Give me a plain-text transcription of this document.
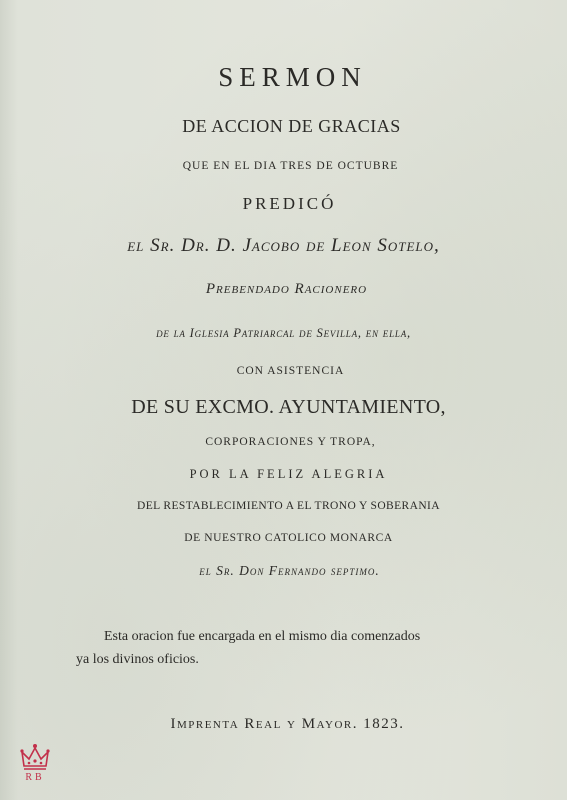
SERMON
DE ACCION DE GRACIAS
QUE EN EL DIA TRES DE OCTUBRE
PREDICÓ
el Sr. Dr. D. Jacobo de Leon Sotelo,
Prebendado Racionero
de la Iglesia Patriarcal de Sevilla, en ella,
CON ASISTENCIA
DE SU EXCMO. AYUNTAMIENTO,
CORPORACIONES Y TROPA,
POR LA FELIZ ALEGRIA
DEL RESTABLECIMIENTO A EL TRONO Y SOBERANIA
DE NUESTRO CATOLICO MONARCA
el Sr. Don Fernando septimo.
Esta oracion fue encargada en el mismo dia comenzados
ya los divinos oficios.
Imprenta Real y Mayor. 1823.
RB
